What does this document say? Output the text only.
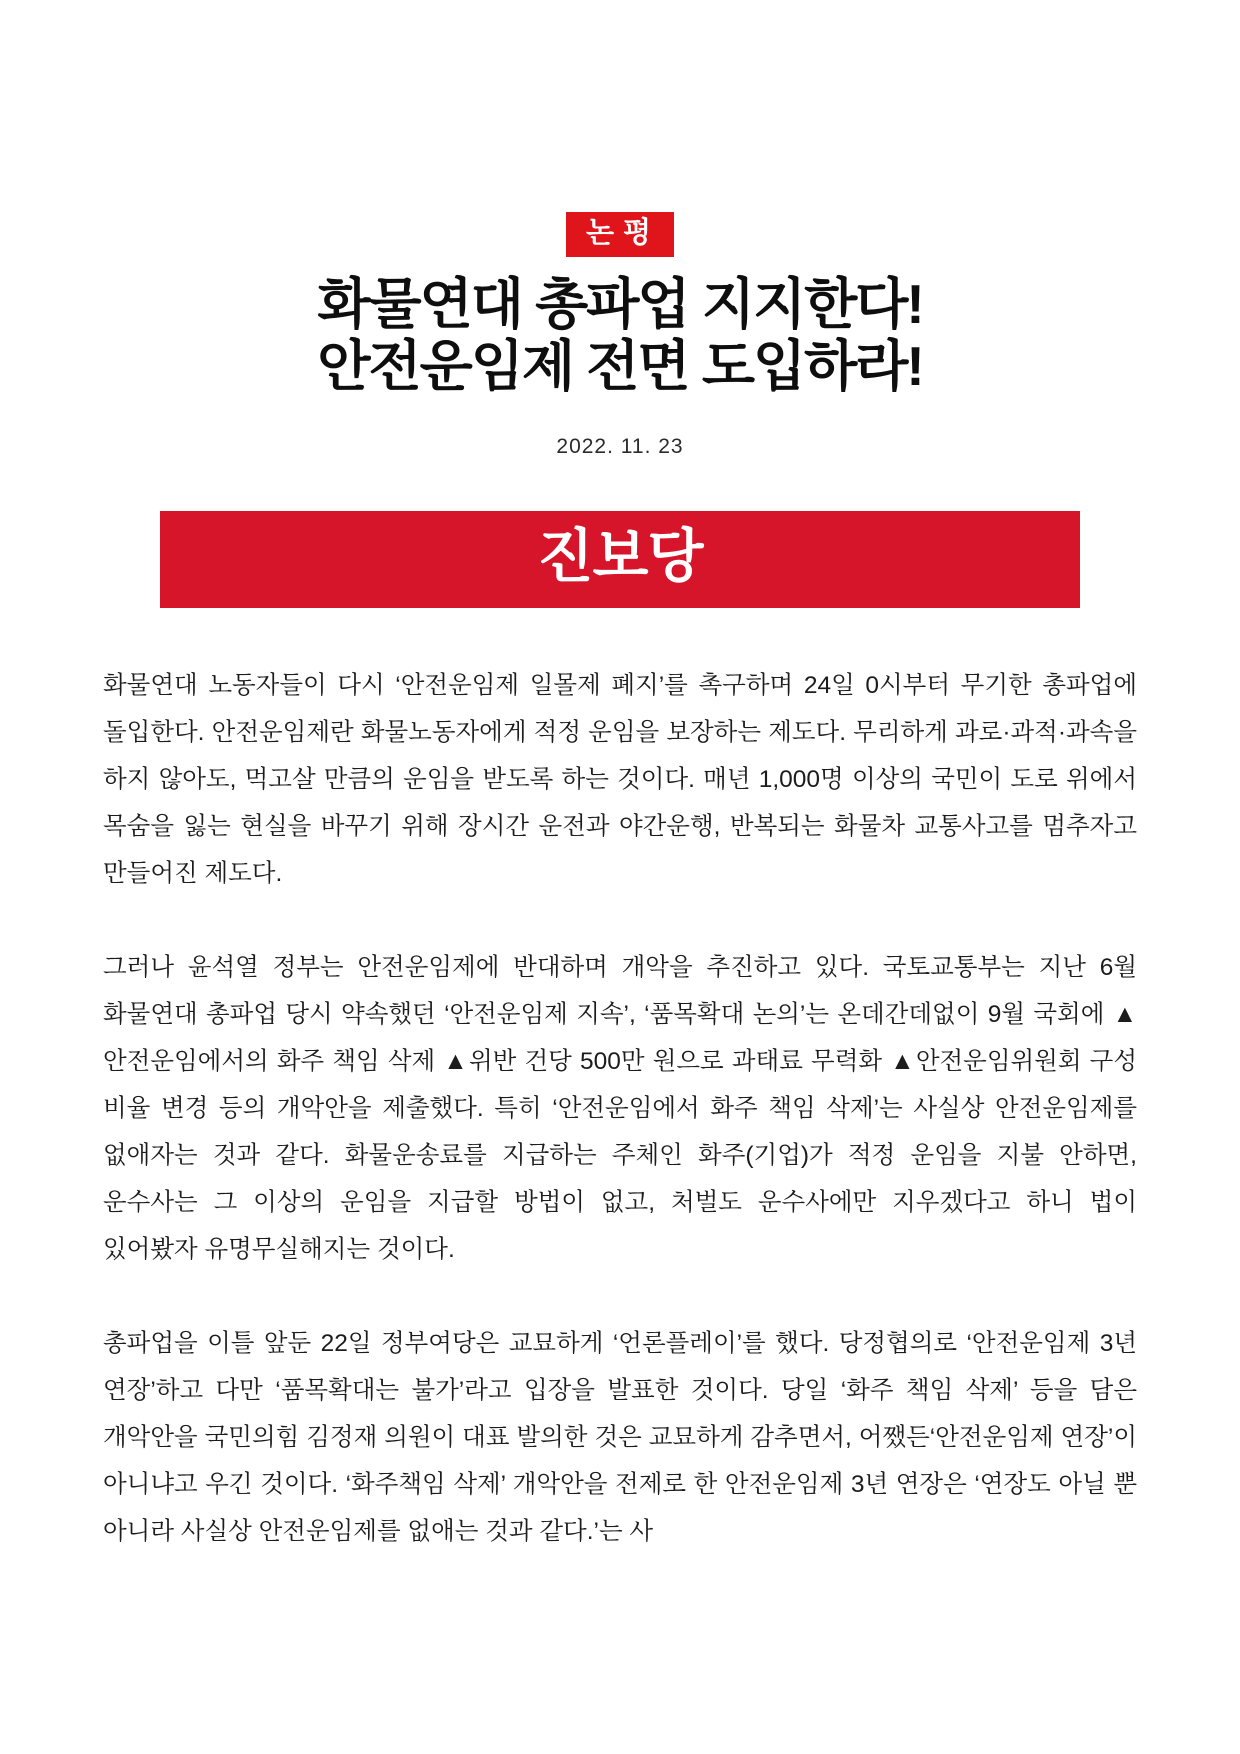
논평
화물연대 총파업 지지한다!
안전운임제 전면 도입하라!
2022. 11. 23
진보당

화물연대 노동자들이 다시 ‘안전운임제 일몰제 폐지’를 촉구하며 24일 0시부터 무기한 총파업에 돌입한다. 안전운임제란 화물노동자에게 적정 운임을 보장하는 제도다. 무리하게 과로·과적·과속을 하지 않아도, 먹고살 만큼의 운임을 받도록 하는 것이다. 매년 1,000명 이상의 국민이 도로 위에서 목숨을 잃는 현실을 바꾸기 위해 장시간 운전과 야간운행, 반복되는 화물차 교통사고를 멈추자고 만들어진 제도다.

그러나 윤석열 정부는 안전운임제에 반대하며 개악을 추진하고 있다. 국토교통부는 지난 6월 화물연대 총파업 당시 약속했던 ‘안전운임제 지속’, ‘품목확대 논의’는 온데간데없이 9월 국회에 ▲안전운임에서의 화주 책임 삭제 ▲위반 건당 500만 원으로 과태료 무력화 ▲안전운임위원회 구성 비율 변경 등의 개악안을 제출했다. 특히 ‘안전운임에서 화주 책임 삭제’는 사실상 안전운임제를 없애자는 것과 같다. 화물운송료를 지급하는 주체인 화주(기업)가 적정 운임을 지불 안하면, 운수사는 그 이상의 운임을 지급할 방법이 없고, 처벌도 운수사에만 지우겠다고 하니 법이 있어봤자 유명무실해지는 것이다.

총파업을 이틀 앞둔 22일 정부여당은 교묘하게 ‘언론플레이’를 했다. 당정협의로 ‘안전운임제 3년 연장’하고 다만 ‘품목확대는 불가’라고 입장을 발표한 것이다. 당일 ‘화주 책임 삭제’ 등을 담은 개악안을 국민의힘 김정재 의원이 대표 발의한 것은 교묘하게 감추면서, 어쨌든‘안전운임제 연장’이 아니냐고 우긴 것이다. ‘화주책임 삭제’ 개악안을 전제로 한 안전운임제 3년 연장은 ‘연장도 아닐 뿐 아니라 사실상 안전운임제를 없애는 것과 같다.’는 사
